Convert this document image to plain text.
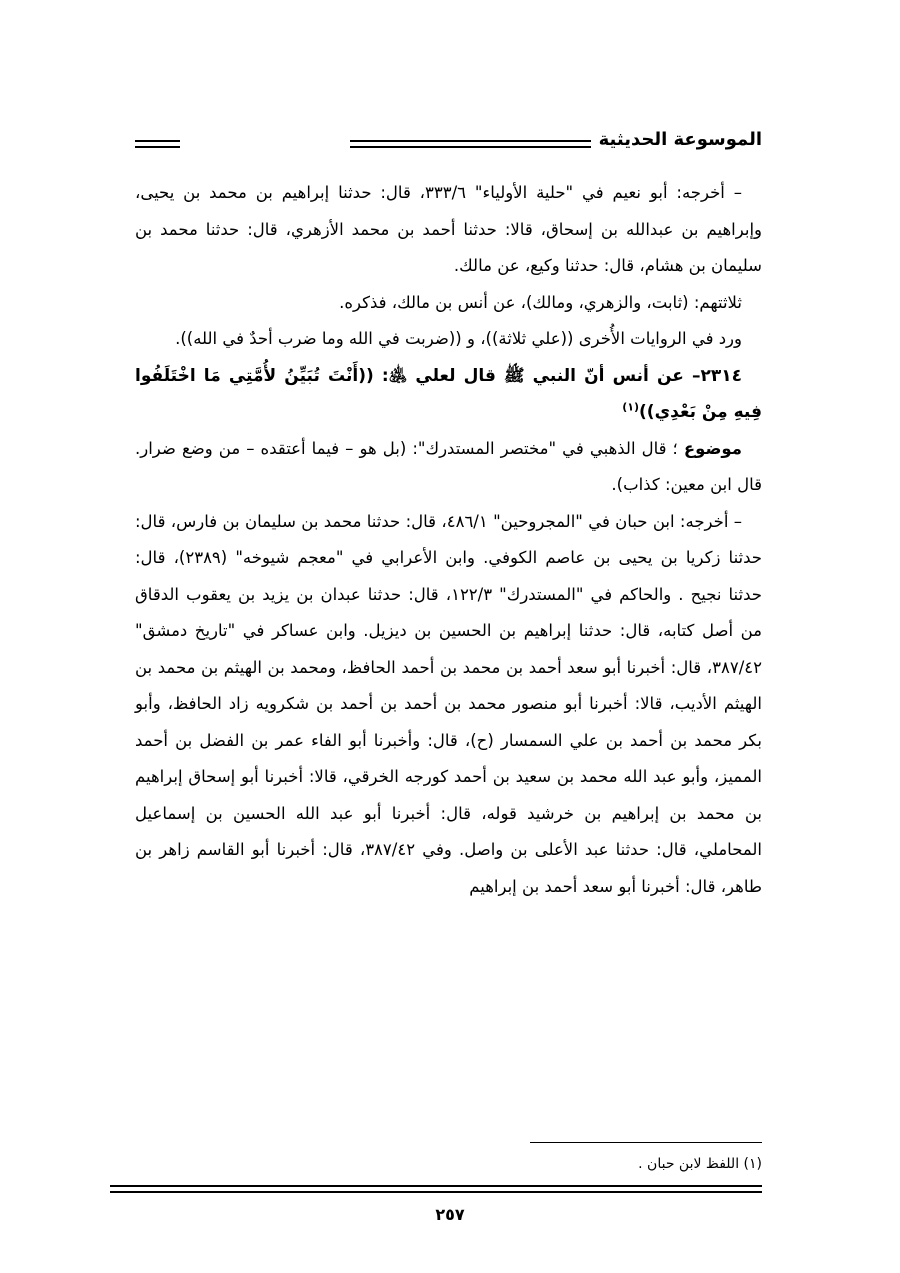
الموسوعة الحديثية

– أخرجه: أبو نعيم في "حلية الأولياء" ٣٣٣/٦، قال: حدثنا إبراهيم بن محمد بن يحيى، وإبراهيم بن عبدالله بن إسحاق، قالا: حدثنا أحمد بن محمد الأزهري، قال: حدثنا محمد بن سليمان بن هشام، قال: حدثنا وكيع، عن مالك.

ثلاثتهم: (ثابت، والزهري، ومالك)، عن أنس بن مالك، فذكره.

ورد في الروايات الأُخرى ((علي ثلاثة))، و ((ضربت في الله وما ضرب أحدٌ في الله)).

٢٣١٤– عن أنس أنّ النبي ﷺ قال لعلي ﵁: ((أَنْتَ تُبَيِّنُ لأُمَّتِي مَا اخْتَلَفُوا فِيهِ مِنْ بَعْدِي))$^{(١)}$

موضوع ؛ قال الذهبي في "مختصر المستدرك": (بل هو – فيما أعتقده – من وضع ضرار. قال ابن معين: كذاب).

– أخرجه: ابن حبان في "المجروحين" ٤٨٦/١، قال: حدثنا محمد بن سليمان بن فارس، قال: حدثنا زكريا بن يحيى بن عاصم الكوفي. وابن الأعرابي في "معجم شيوخه" (٢٣٨٩)، قال: حدثنا نجيح . والحاكم في "المستدرك" ١٢٢/٣، قال: حدثنا عبدان بن يزيد بن يعقوب الدقاق من أصل كتابه، قال: حدثنا إبراهيم بن الحسين بن ديزيل. وابن عساكر في "تاريخ دمشق" ٣٨٧/٤٢، قال: أخبرنا أبو سعد أحمد بن محمد بن أحمد الحافظ، ومحمد بن الهيثم بن محمد بن الهيثم الأديب، قالا: أخبرنا أبو منصور محمد بن أحمد بن أحمد بن شكرويه زاد الحافظ، وأبو بكر محمد بن أحمد بن علي السمسار (ح)، قال: وأخبرنا أبو الفاء عمر بن الفضل بن أحمد المميز، وأبو عبد الله محمد بن سعيد بن أحمد كورجه الخرقي، قالا: أخبرنا أبو إسحاق إبراهيم بن محمد بن إبراهيم بن خرشيد قوله، قال: أخبرنا أبو عبد الله الحسين بن إسماعيل المحاملي، قال: حدثنا عبد الأعلى بن واصل. وفي ٣٨٧/٤٢، قال: أخبرنا أبو القاسم زاهر بن طاهر، قال: أخبرنا أبو سعد أحمد بن إبراهيم

(١) اللفظ لابن حبان .
٢٥٧
